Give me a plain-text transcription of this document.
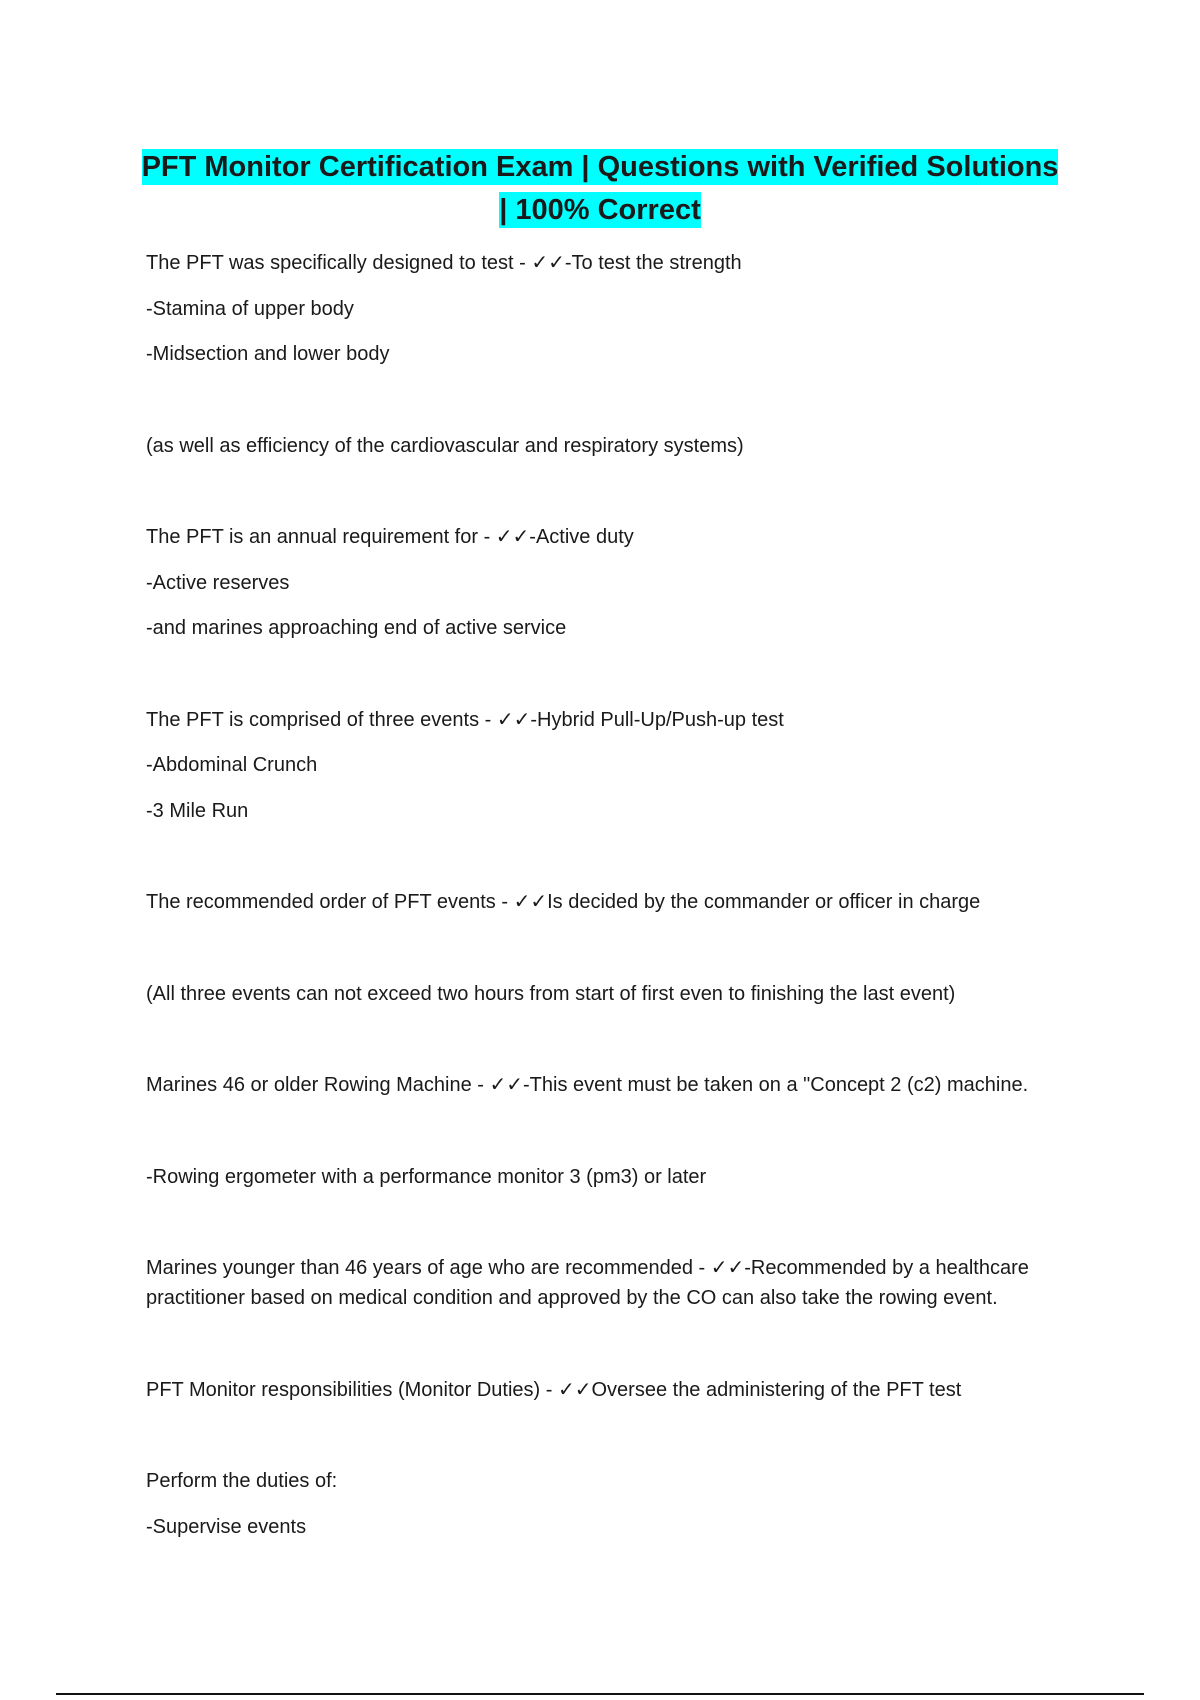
PFT Monitor Certification Exam | Questions with Verified Solutions
| 100% Correct
The PFT was specifically designed to test - ✓✓-To test the strength
-Stamina of upper body
-Midsection and lower body
(as well as efficiency of the cardiovascular and respiratory systems)
The PFT is an annual requirement for - ✓✓-Active duty
-Active reserves
-and marines approaching end of active service
The PFT is comprised of three events - ✓✓-Hybrid Pull-Up/Push-up test
-Abdominal Crunch
-3 Mile Run
The recommended order of PFT events - ✓✓Is decided by the commander or officer in charge
(All three events can not exceed two hours from start of first even to finishing the last event)
Marines 46 or older Rowing Machine - ✓✓-This event must be taken on a "Concept 2 (c2) machine.
-Rowing ergometer with a performance monitor 3 (pm3) or later
Marines younger than 46 years of age who are recommended - ✓✓-Recommended by a healthcare practitioner based on medical condition and approved by the CO can also take the rowing event.
PFT Monitor responsibilities (Monitor Duties) - ✓✓Oversee the administering of the PFT test
Perform the duties of:
-Supervise events
